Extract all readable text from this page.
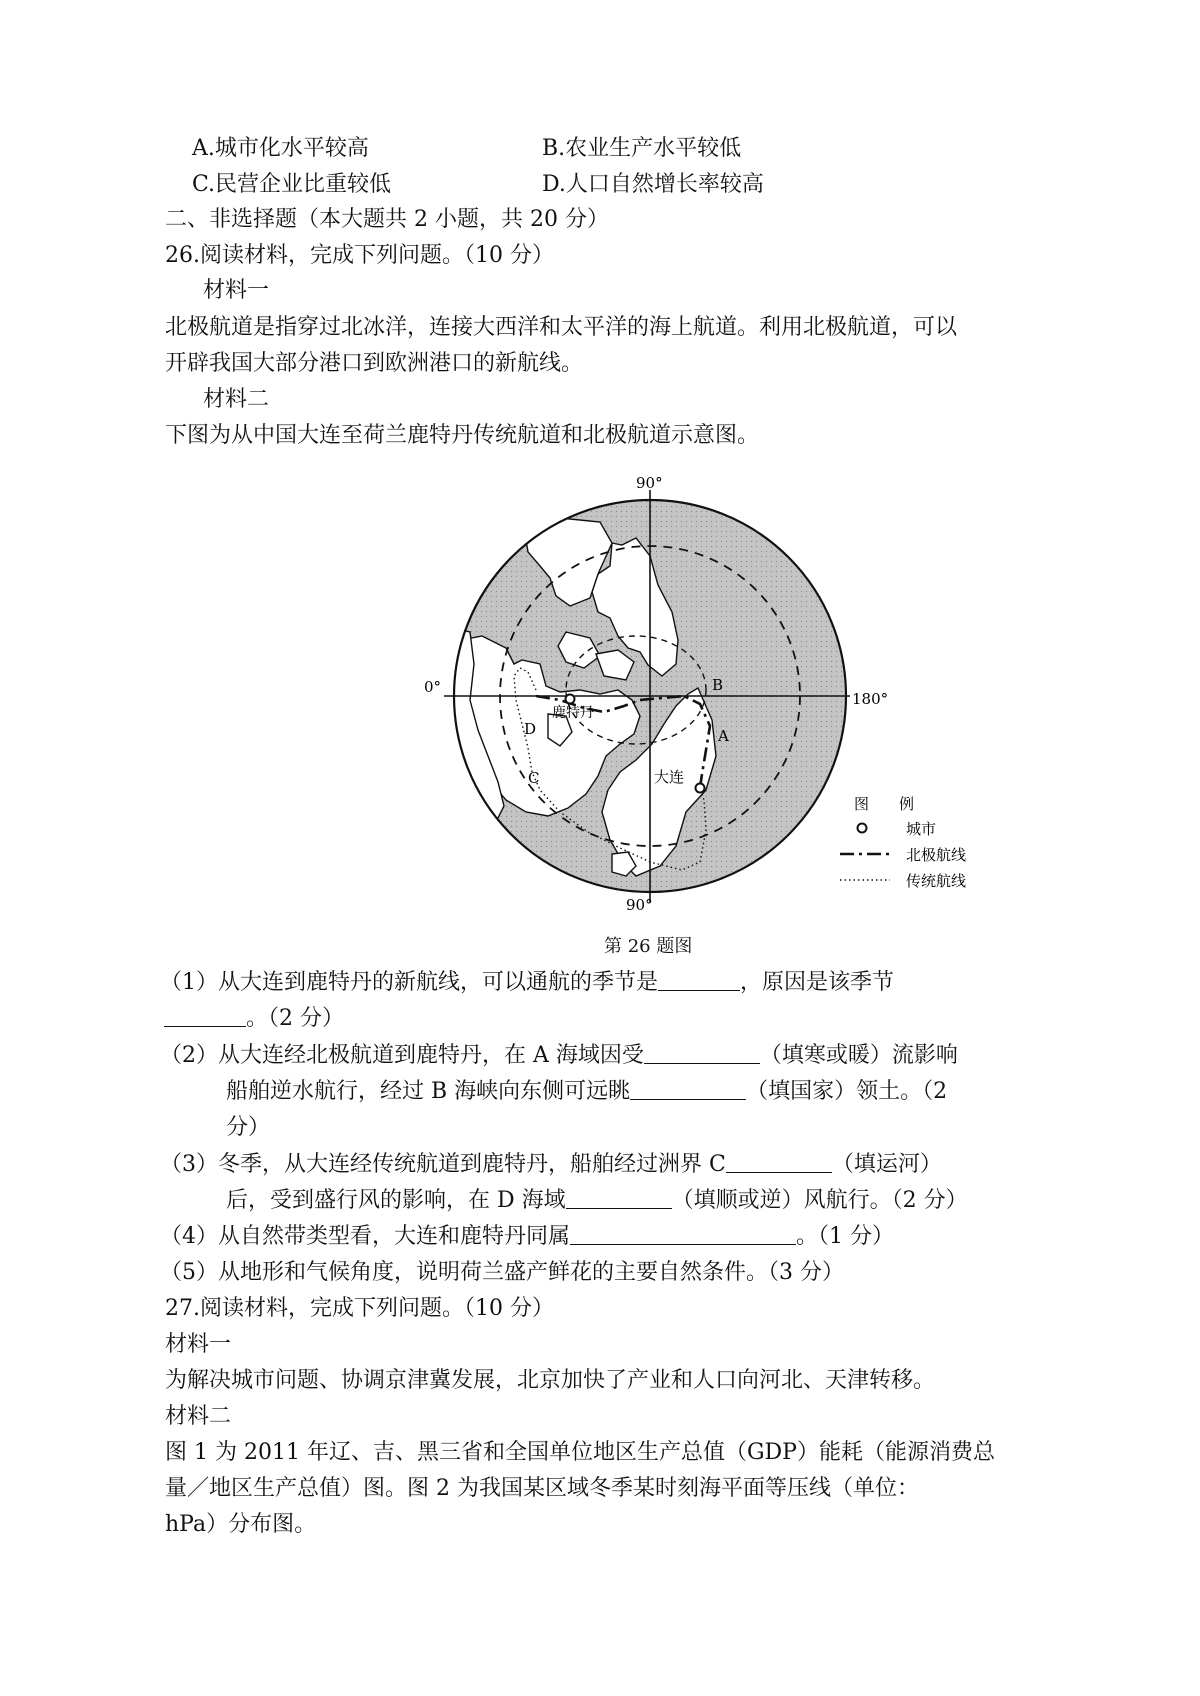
A.城市化水平较高	B.农业生产水平较低
C.民营企业比重较低	D.人口自然增长率较高
二、非选择题（本大题共 2 小题，共 20 分）
26.阅读材料，完成下列问题。（10 分）
材料一
北极航道是指穿过北冰洋，连接大西洋和太平洋的海上航道。利用北极航道，可以
开辟我国大部分港口到欧洲港口的新航线。
材料二
下图为从中国大连至荷兰鹿特丹传统航道和北极航道示意图。
90°
0°
180°
90°
鹿特丹
大连
A
B
C
D
图　　例
城市
北极航线
传统航线
第 26 题图
（1）从大连到鹿特丹的新航线，可以通航的季节是	，原因是该季节
。（2 分）
（2）从大连经北极航道到鹿特丹，在 A 海域因受	（填寒或暖）流影响
船舶逆水航行，经过 B 海峡向东侧可远眺	（填国家）领土。（2
分）
（3）冬季，从大连经传统航道到鹿特丹，船舶经过洲界 C	（填运河）
后，受到盛行风的影响，在 D 海域	（填顺或逆）风航行。（2 分）
（4）从自然带类型看，大连和鹿特丹同属	。（1 分）
（5）从地形和气候角度，说明荷兰盛产鲜花的主要自然条件。（3 分）
27.阅读材料，完成下列问题。（10 分）
材料一
为解决城市问题、协调京津冀发展，北京加快了产业和人口向河北、天津转移。
材料二
图 1 为 2011 年辽、吉、黑三省和全国单位地区生产总值（GDP）能耗（能源消费总
量／地区生产总值）图。图 2 为我国某区域冬季某时刻海平面等压线（单位：
hPa）分布图。
